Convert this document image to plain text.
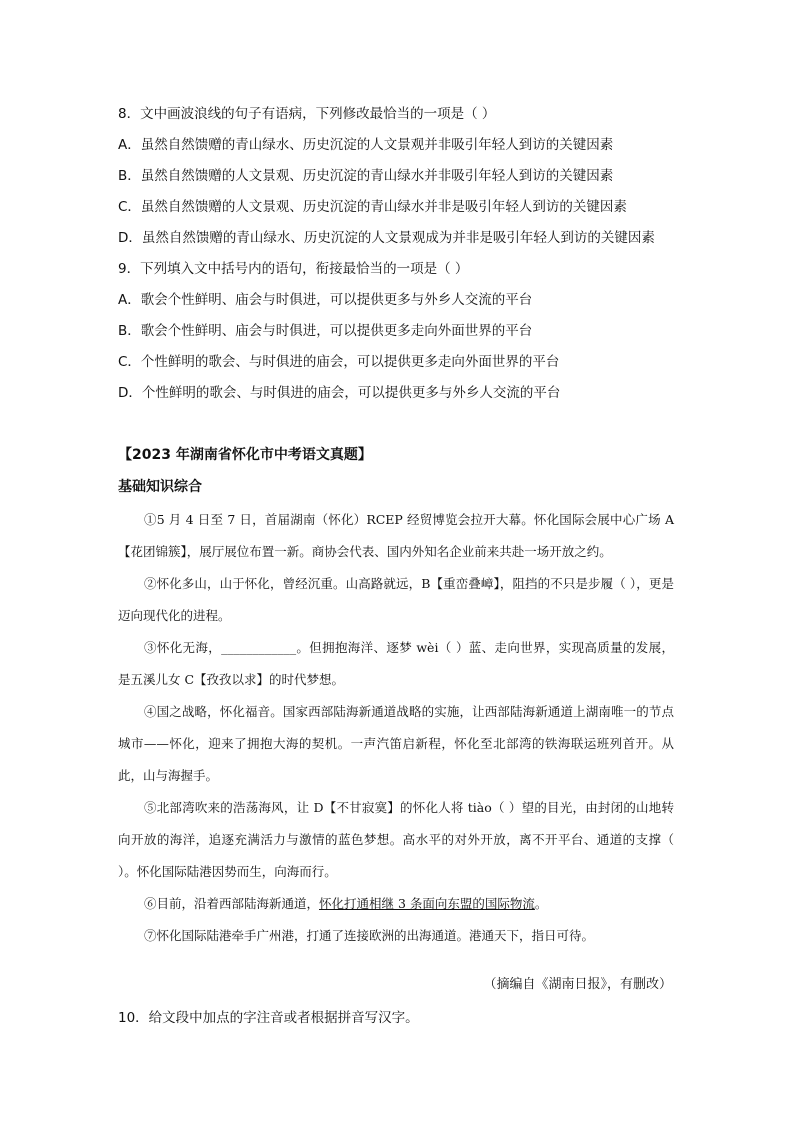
8．文中画波浪线的句子有语病，下列修改最恰当的一项是（ ）
A．虽然自然馈赠的青山绿水、历史沉淀的人文景观并非吸引年轻人到访的关键因素
B．虽然自然馈赠的人文景观、历史沉淀的青山绿水并非吸引年轻人到访的关键因素
C．虽然自然馈赠的人文景观、历史沉淀的青山绿水并非是吸引年轻人到访的关键因素
D．虽然自然馈赠的青山绿水、历史沉淀的人文景观成为并非是吸引年轻人到访的关键因素
9．下列填入文中括号内的语句，衔接最恰当的一项是（ ）
A．歌会个性鲜明、庙会与时俱进，可以提供更多与外乡人交流的平台
B．歌会个性鲜明、庙会与时俱进，可以提供更多走向外面世界的平台
C．个性鲜明的歌会、与时俱进的庙会，可以提供更多走向外面世界的平台
D．个性鲜明的歌会、与时俱进的庙会，可以提供更多与外乡人交流的平台
【2023 年湖南省怀化市中考语文真题】
基础知识综合

①5 月 4 日至 7 日，首届湖南（怀化）RCEP 经贸博览会拉开大幕。怀化国际会展中心广场 A【花团锦簇】，展厅展位布置一新。商协会代表、国内外知名企业前来共赴一场开放之约。

②怀化多山，山于怀化，曾经沉重。山高路就远，B【重峦叠嶂】，阻挡的不只是步履（ ），更是迈向现代化的进程。

③怀化无海，____________。但拥抱海洋、逐梦 wèi（ ）蓝、走向世界，实现高质量的发展，是五溪儿女 C【孜孜以求】的时代梦想。

④国之战略，怀化福音。国家西部陆海新通道战略的实施，让西部陆海新通道上湖南唯一的节点城市——怀化，迎来了拥抱大海的契机。一声汽笛启新程，怀化至北部湾的铁海联运班列首开。从此，山与海握手。

⑤北部湾吹来的浩荡海风，让 D【不甘寂寞】的怀化人将 tiào（ ）望的目光，由封闭的山地转向开放的海洋，追逐充满活力与激情的蓝色梦想。高水平的对外开放，离不开平台、通道的支撑（ ）。怀化国际陆港因势而生，向海而行。

⑥目前，沿着西部陆海新通道，怀化打通相继 3 条面向东盟的国际物流。

⑦怀化国际陆港牵手广州港，打通了连接欧洲的出海通道。港通天下，指日可待。

（摘编自《湖南日报》，有删改）
10．给文段中加点的字注音或者根据拼音写汉字。
